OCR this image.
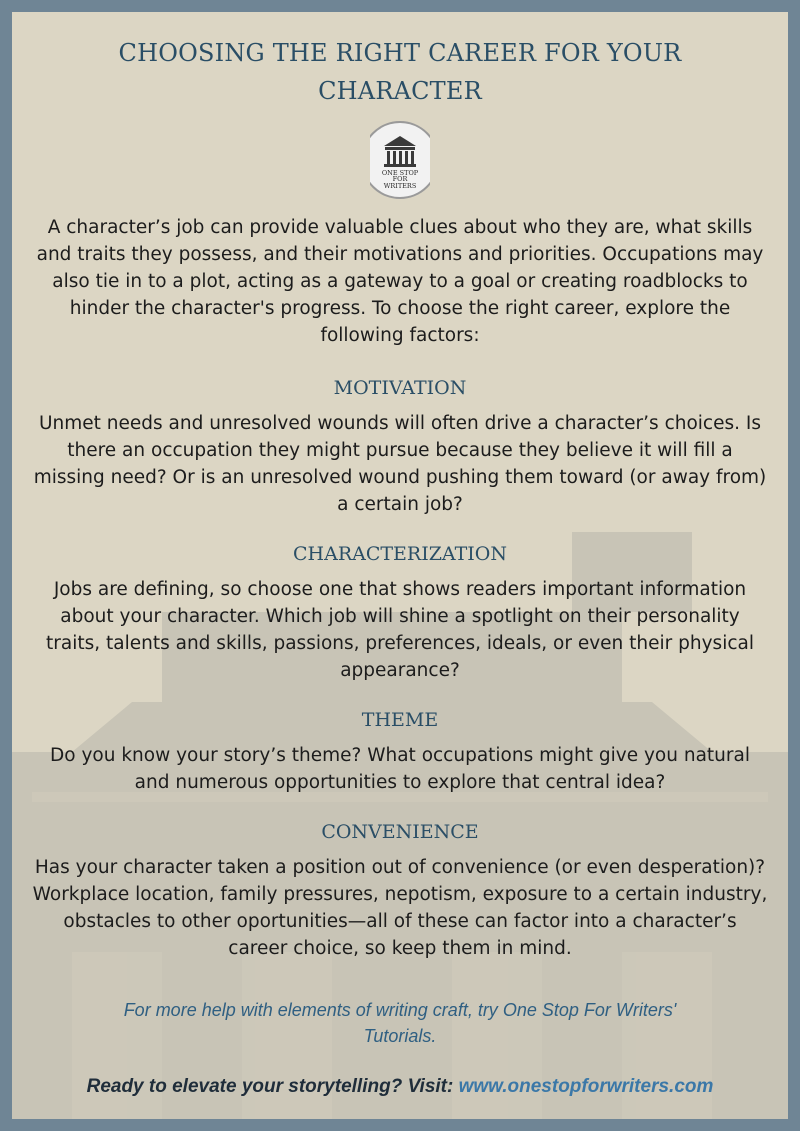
CHOOSING THE RIGHT CAREER FOR YOUR CHARACTER
ONE STOP
FOR
WRITERS

A character’s job can provide valuable clues about who they are, what skills and traits they possess, and their motivations and priorities. Occupations may also tie in to a plot, acting as a gateway to a goal or creating roadblocks to hinder the character's progress. To choose the right career, explore the following factors:

MOTIVATION

Unmet needs and unresolved wounds will often drive a character’s choices. Is there an occupation they might pursue because they believe it will fill a missing need? Or is an unresolved wound pushing them toward (or away from) a certain job?

CHARACTERIZATION

Jobs are defining, so choose one that shows readers important information about your character. Which job will shine a spotlight on their personality traits, talents and skills, passions, preferences, ideals, or even their physical appearance?

THEME

Do you know your story’s theme? What occupations might give you natural and numerous opportunities to explore that central idea?

CONVENIENCE

Has your character taken a position out of convenience (or even desperation)? Workplace location, family pressures, nepotism, exposure to a certain industry, obstacles to other oportunities—all of these can factor into a character’s career choice, so keep them in mind.

For more help with elements of writing craft, try One Stop For Writers' Tutorials.

Ready to elevate your storytelling? Visit: www.onestopforwriters.com
